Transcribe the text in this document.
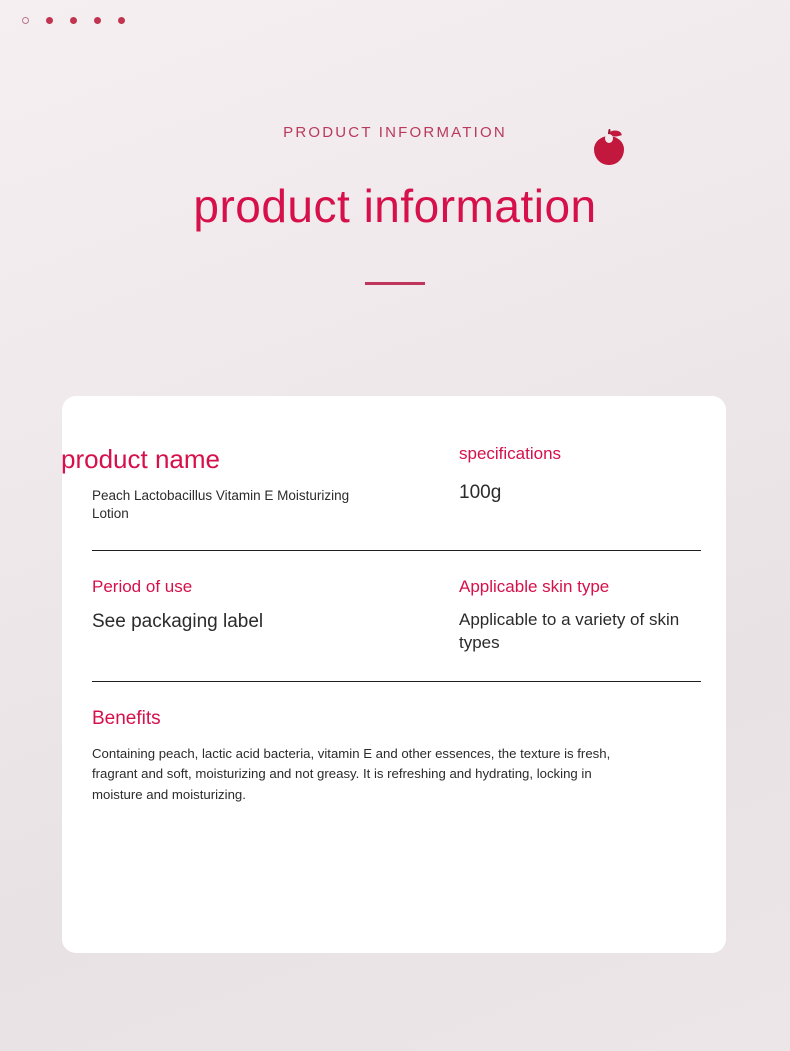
PRODUCT INFORMATION
product information
product name
Peach Lactobacillus Vitamin E Moisturizing Lotion
specifications
100g
Period of use
See packaging label
Applicable skin type
Applicable to a variety of skin types
Benefits
Containing peach, lactic acid bacteria, vitamin E and other essences, the texture is fresh, fragrant and soft, moisturizing and not greasy. It is refreshing and hydrating, locking in moisture and moisturizing.
